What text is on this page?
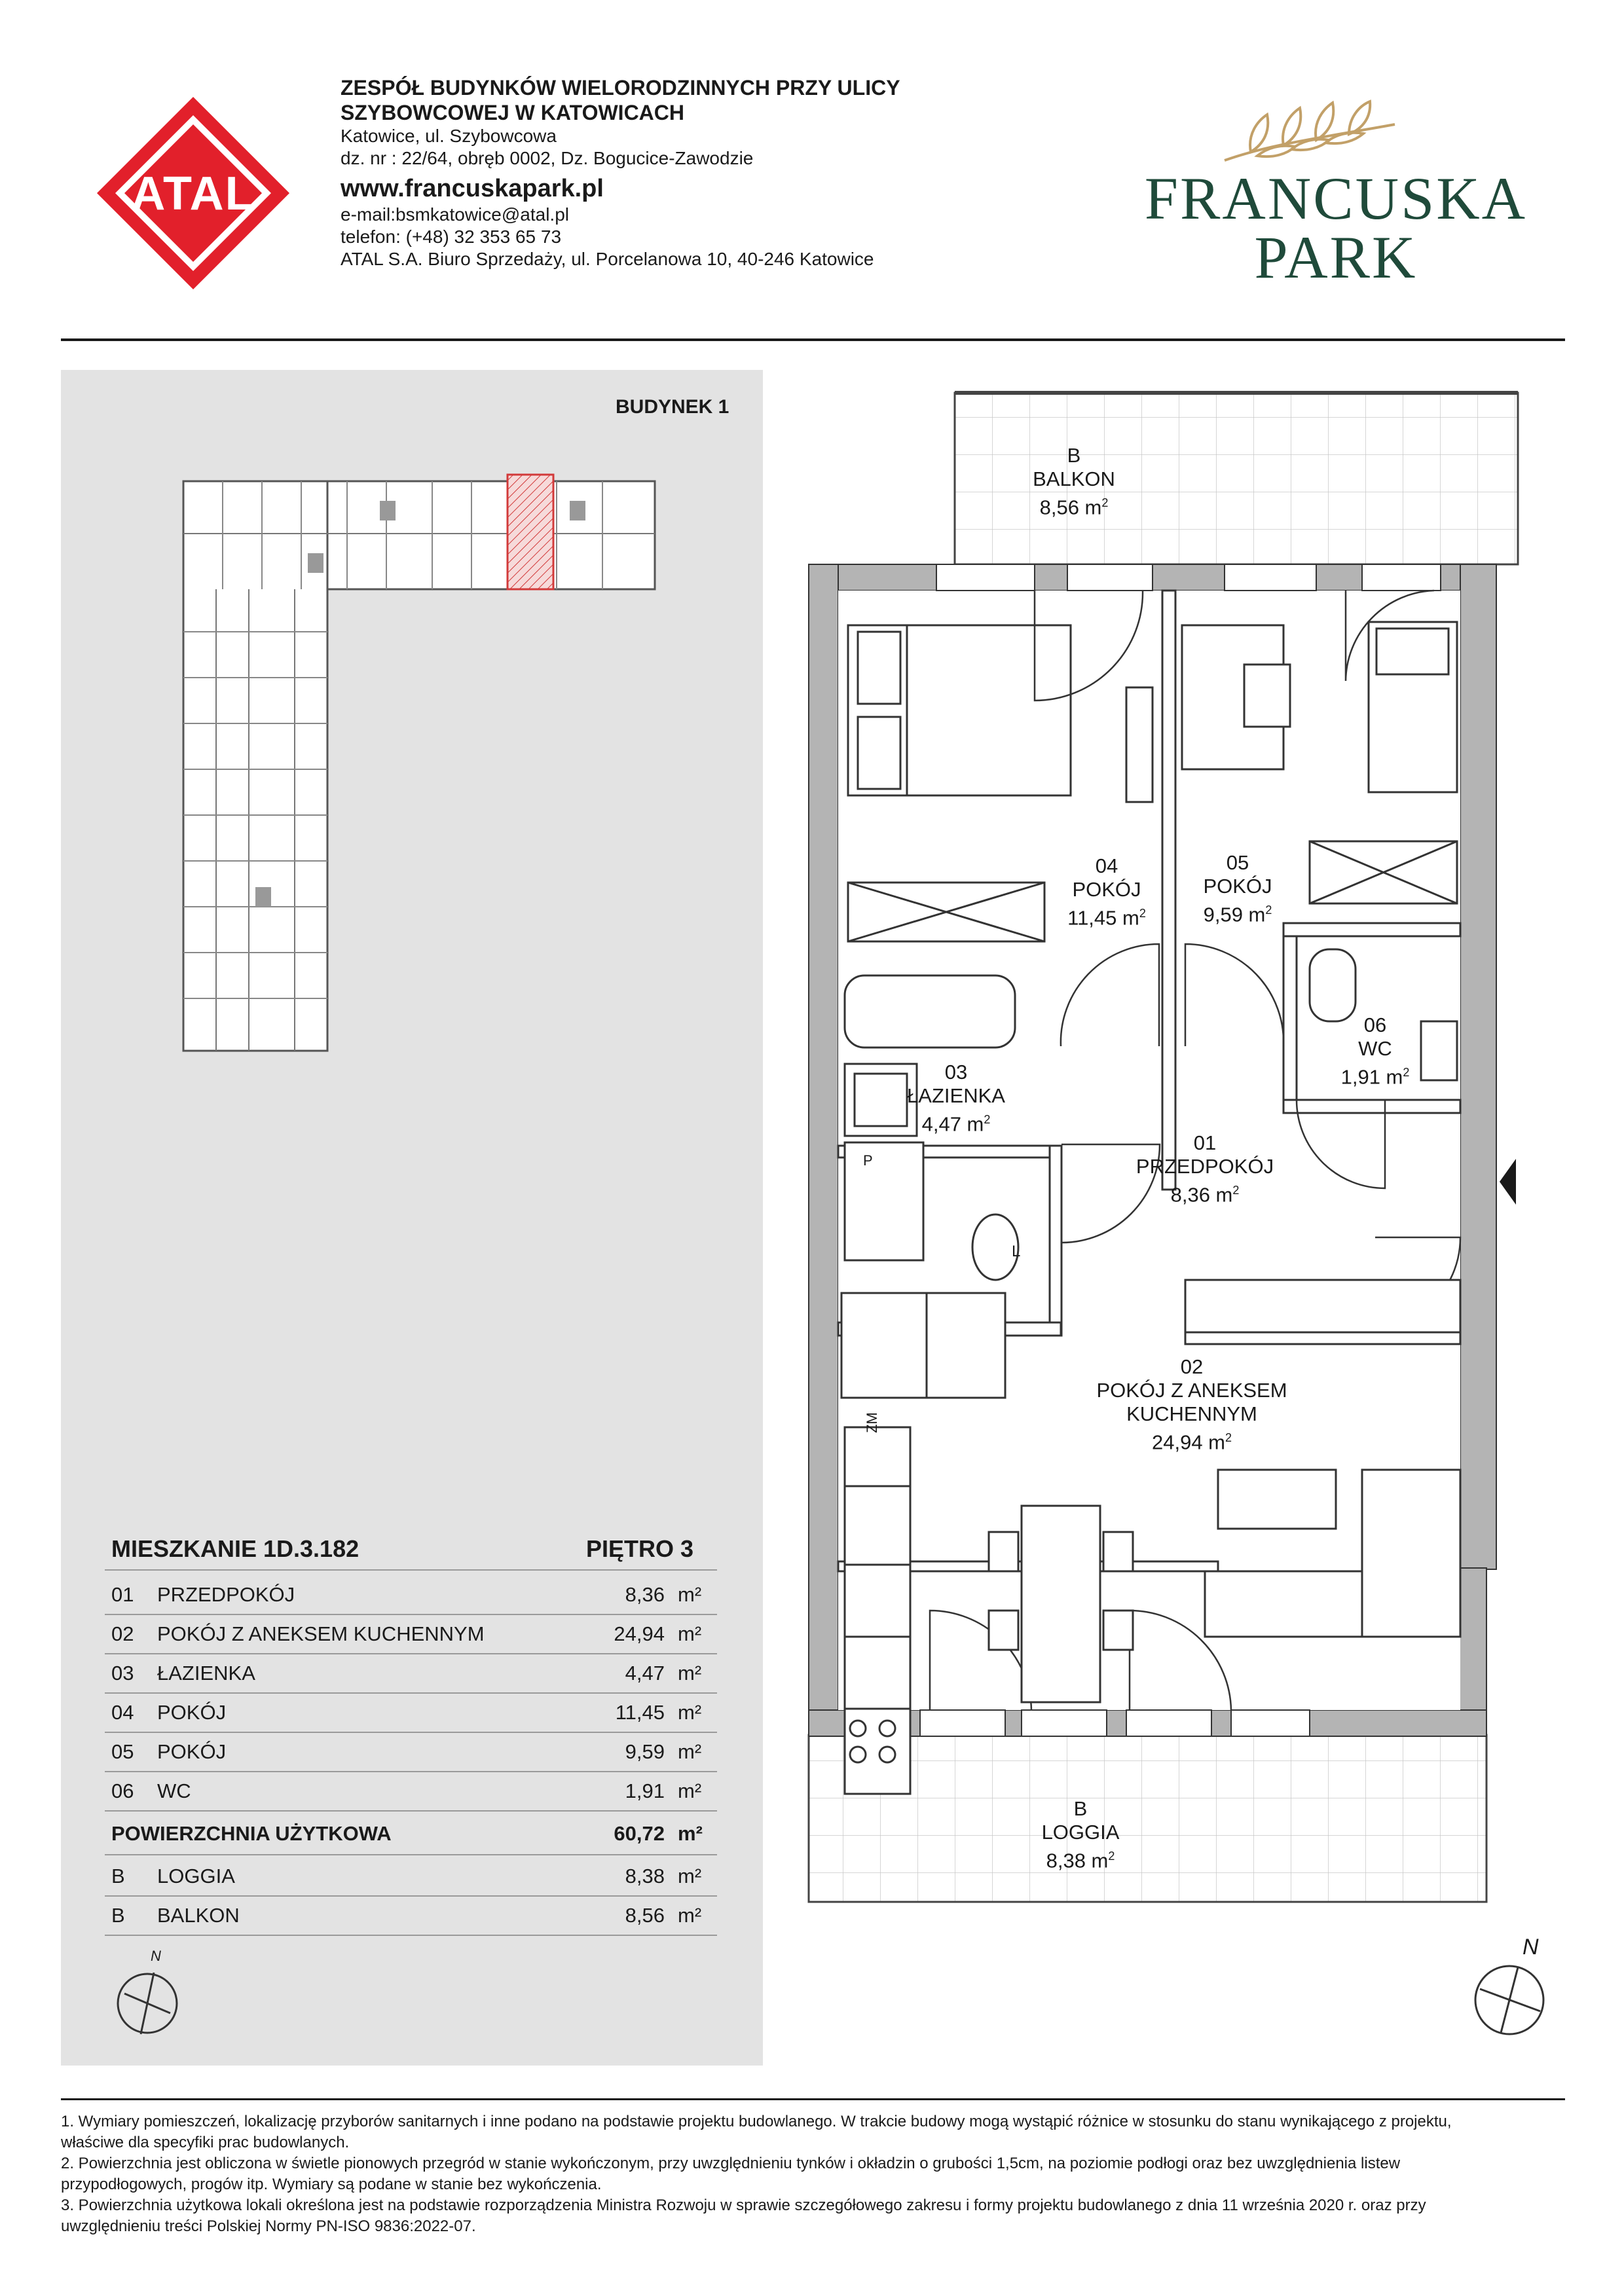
ATAL
ZESPÓŁ BUDYNKÓW WIELORODZINNYCH PRZY ULICY
SZYBOWCOWEJ W KATOWICACH
Katowice, ul. Szybowcowa
dz. nr : 22/64, obręb 0002, Dz. Bogucice-Zawodzie
www.francuskapark.pl
e-mail:bsmkatowice@atal.pl
telefon: (+48) 32 353 65 73
ATAL S.A. Biuro Sprzedaży, ul. Porcelanowa 10, 40-246 Katowice
FRANCUSKA
PARK
BUDYNEK 1
MIESZKANIE 1D.3.182	PIĘTRO 3
01 PRZEDPOKÓJ	8,36 m²
02 POKÓJ Z ANEKSEM KUCHENNYM	24,94 m²
03 ŁAZIENKA	4,47 m²
04 POKÓJ	11,45 m²
05 POKÓJ	9,59 m²
06 WC	1,91 m²
POWIERZCHNIA UŻYTKOWA	60,72 m²
B LOGGIA	8,38 m²
B BALKON	8,56 m²
N
B
BALKON
8,56 $m^2$
04
POKÓJ
11,45 $m^2$
05
POKÓJ
9,59 $m^2$
06
WC
1,91 $m^2$
03
ŁAZIENKA
4,47 $m^2$
01
PRZEDPOKÓJ
8,36 $m^2$
02
POKÓJ Z ANEKSEM
KUCHENNYM
24,94 $m^2$
B
LOGGIA
8,38 $m^2$
ZM
L
P
N
1. Wymiary pomieszczeń, lokalizację przyborów sanitarnych i inne podano na podstawie projektu budowlanego. W trakcie budowy mogą wystąpić różnice w stosunku do stanu wynikającego z projektu,
właściwe dla specyfiki prac budowlanych.
2. Powierzchnia jest obliczona w świetle pionowych przegród w stanie wykończonym, przy uwzględnieniu tynków i okładzin o grubości 1,5cm, na poziomie podłogi oraz bez uwzględnienia listew
przypodłogowych, progów itp. Wymiary są podane w stanie bez wykończenia.
3. Powierzchnia użytkowa lokali określona jest na podstawie rozporządzenia Ministra Rozwoju w sprawie szczegółowego zakresu i formy projektu budowlanego z dnia 11 września 2020 r. oraz przy
uwzględnieniu treści Polskiej Normy PN-ISO 9836:2022-07.
